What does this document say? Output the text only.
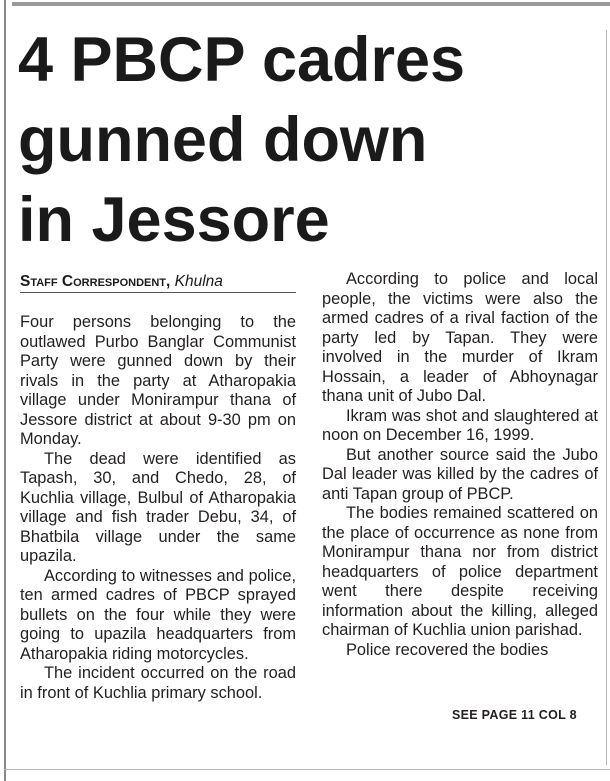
4 PBCP cadres
gunned down
in Jessore
Staff Correspondent, Khulna

Four persons belonging to the outlawed Purbo Banglar Communist Party were gunned down by their rivals in the party at Atharopakia village under Monirampur thana of Jessore district at about 9-30 pm on Monday.

The dead were identified as Tapash, 30, and Chedo, 28, of Kuchlia village, Bulbul of Atharopakia village and fish trader Debu, 34, of Bhatbila village under the same upazila.

According to witnesses and police, ten armed cadres of PBCP sprayed bullets on the four while they were going to upazila headquarters from Atharopakia riding motorcycles.

The incident occurred on the road in front of Kuchlia primary school.

According to police and local people, the victims were also the armed cadres of a rival faction of the party led by Tapan. They were involved in the murder of Ikram Hossain, a leader of Abhoynagar thana unit of Jubo Dal.

Ikram was shot and slaughtered at noon on December 16, 1999.

But another source said the Jubo Dal leader was killed by the cadres of anti Tapan group of PBCP.

The bodies remained scattered on the place of occurrence as none from Monirampur thana nor from district headquarters of police department went there despite receiving information about the killing, alleged chairman of Kuchlia union parishad.

Police recovered the bodies

SEE PAGE 11 COL 8
